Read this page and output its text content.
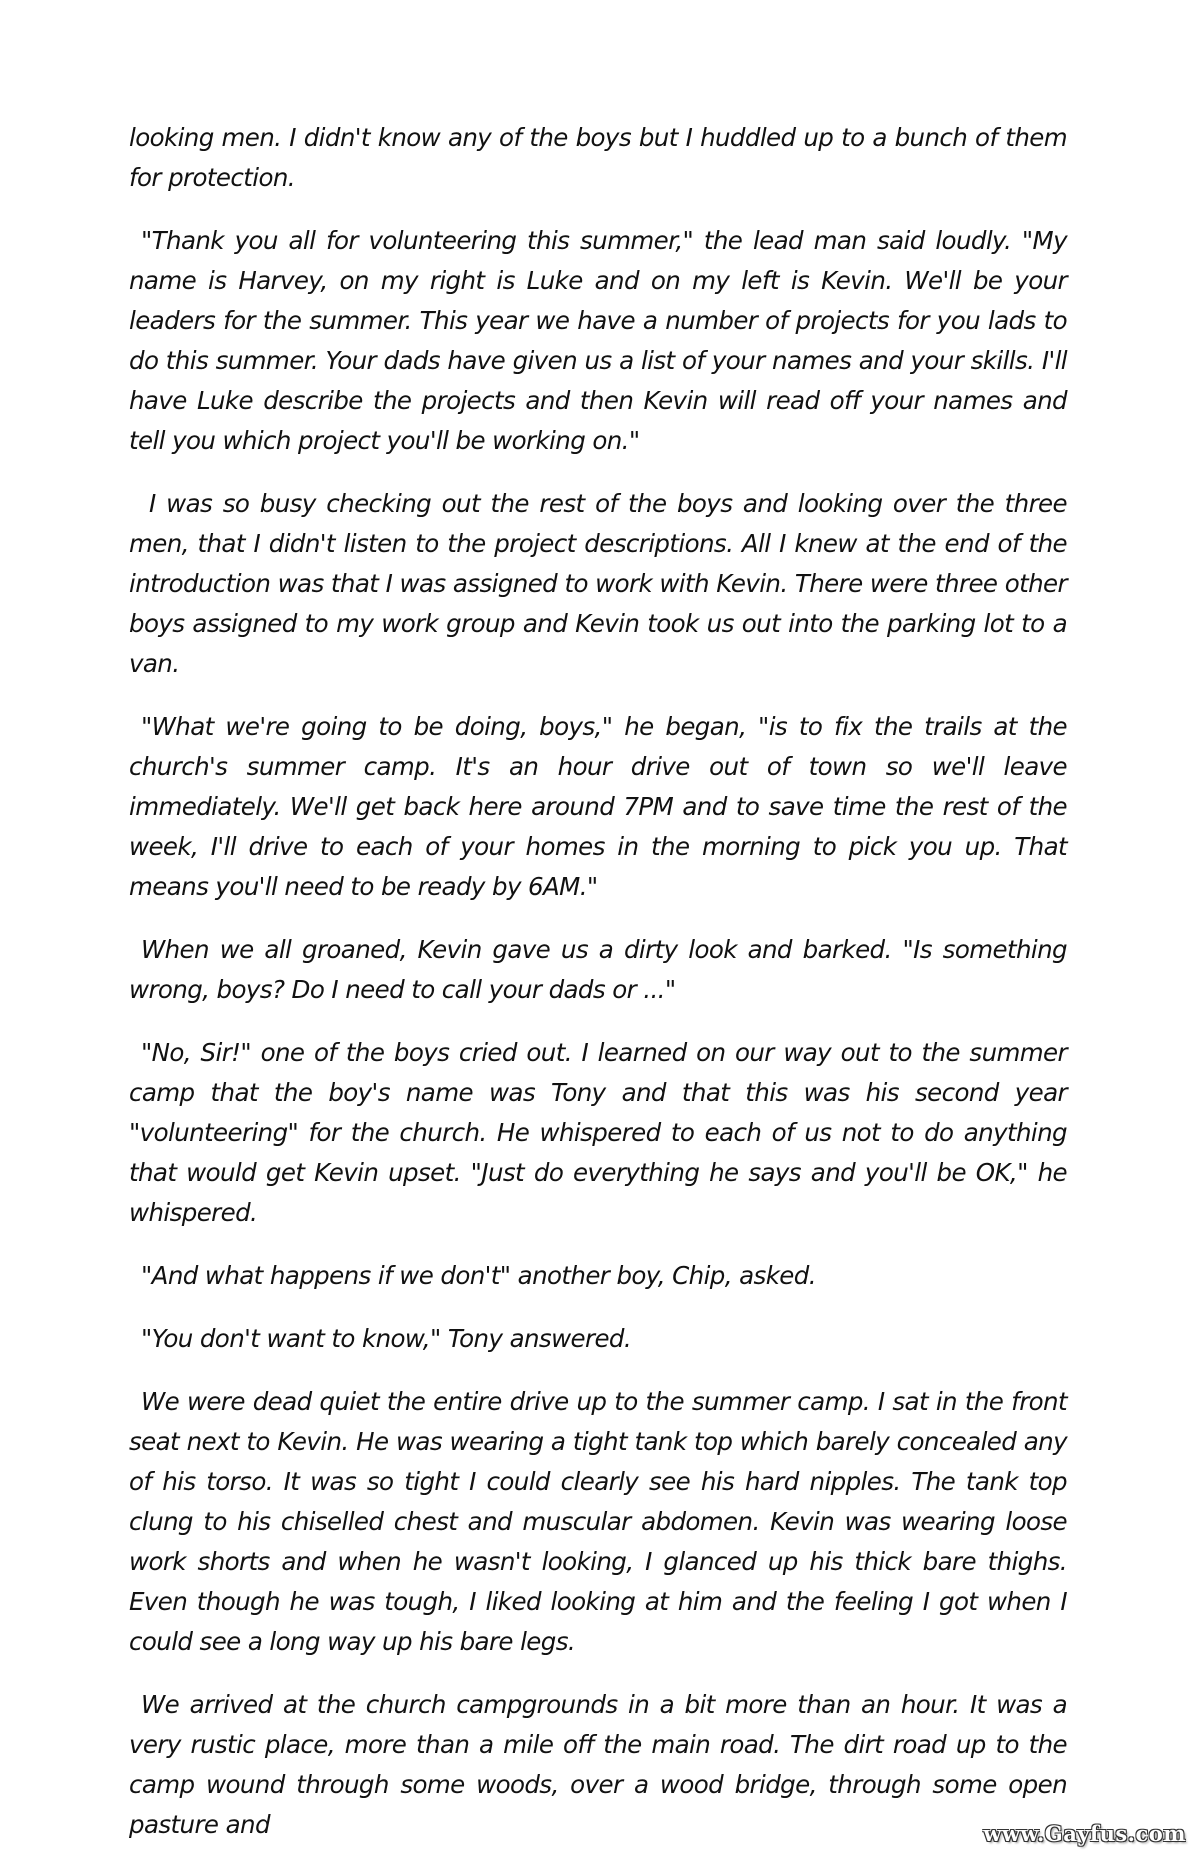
looking men. I didn't know any of the boys but I huddled up to a bunch of them for protection.

"Thank you all for volunteering this summer," the lead man said loudly. "My name is Harvey, on my right is Luke and on my left is Kevin. We'll be your leaders for the summer. This year we have a number of projects for you lads to do this summer. Your dads have given us a list of your names and your skills. I'll have Luke describe the projects and then Kevin will read off your names and tell you which project you'll be working on."

I was so busy checking out the rest of the boys and looking over the three men, that I didn't listen to the project descriptions. All I knew at the end of the introduction was that I was assigned to work with Kevin. There were three other boys assigned to my work group and Kevin took us out into the parking lot to a van.

"What we're going to be doing, boys," he began, "is to fix the trails at the church's summer camp. It's an hour drive out of town so we'll leave immediately. We'll get back here around 7PM and to save time the rest of the week, I'll drive to each of your homes in the morning to pick you up. That means you'll need to be ready by 6AM."

When we all groaned, Kevin gave us a dirty look and barked. "Is something wrong, boys? Do I need to call your dads or ..."

"No, Sir!" one of the boys cried out. I learned on our way out to the summer camp that the boy's name was Tony and that this was his second year "volunteering" for the church. He whispered to each of us not to do anything that would get Kevin upset. "Just do everything he says and you'll be OK," he whispered.

"And what happens if we don't" another boy, Chip, asked.

"You don't want to know," Tony answered.

We were dead quiet the entire drive up to the summer camp. I sat in the front seat next to Kevin. He was wearing a tight tank top which barely concealed any of his torso. It was so tight I could clearly see his hard nipples. The tank top clung to his chiselled chest and muscular abdomen. Kevin was wearing loose work shorts and when he wasn't looking, I glanced up his thick bare thighs. Even though he was tough, I liked looking at him and the feeling I got when I could see a long way up his bare legs.

We arrived at the church campgrounds in a bit more than an hour. It was a very rustic place, more than a mile off the main road. The dirt road up to the camp wound through some woods, over a wood bridge, through some open pasture and	www.Gayfus.com
